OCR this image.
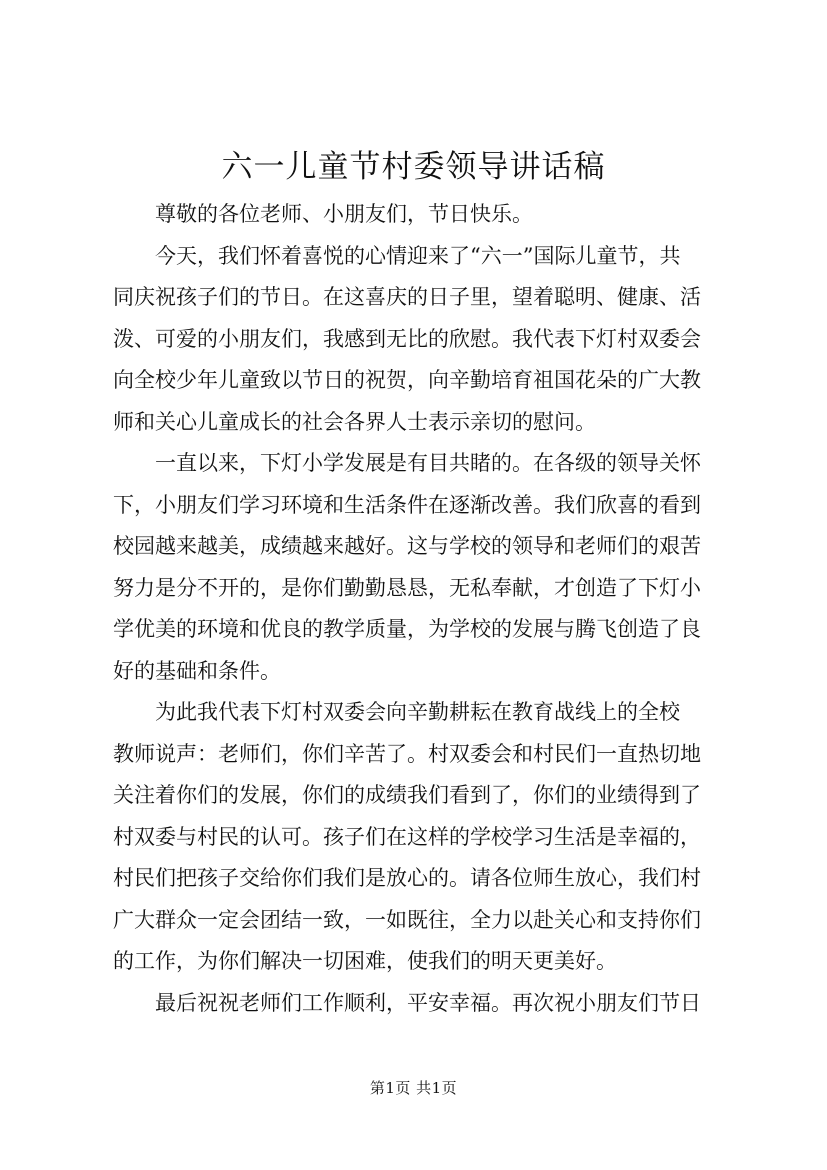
六一儿童节村委领导讲话稿

尊敬的各位老师、小朋友们，节日快乐。

今天，我们怀着喜悦的心情迎来了“六一”国际儿童节，共

同庆祝孩子们的节日。在这喜庆的日子里，望着聪明、健康、活

泼、可爱的小朋友们，我感到无比的欣慰。我代表下灯村双委会

向全校少年儿童致以节日的祝贺，向辛勤培育祖国花朵的广大教

师和关心儿童成长的社会各界人士表示亲切的慰问。

一直以来，下灯小学发展是有目共睹的。在各级的领导关怀

下，小朋友们学习环境和生活条件在逐渐改善。我们欣喜的看到

校园越来越美，成绩越来越好。这与学校的领导和老师们的艰苦

努力是分不开的，是你们勤勤恳恳，无私奉献，才创造了下灯小

学优美的环境和优良的教学质量，为学校的发展与腾飞创造了良

好的基础和条件。

为此我代表下灯村双委会向辛勤耕耘在教育战线上的全校

教师说声：老师们，你们辛苦了。村双委会和村民们一直热切地

关注着你们的发展，你们的成绩我们看到了，你们的业绩得到了

村双委与村民的认可。孩子们在这样的学校学习生活是幸福的，

村民们把孩子交给你们我们是放心的。请各位师生放心，我们村

广大群众一定会团结一致，一如既往，全力以赴关心和支持你们

的工作，为你们解决一切困难，使我们的明天更美好。

最后祝祝老师们工作顺利，平安幸福。再次祝小朋友们节日

第1页 共1页
